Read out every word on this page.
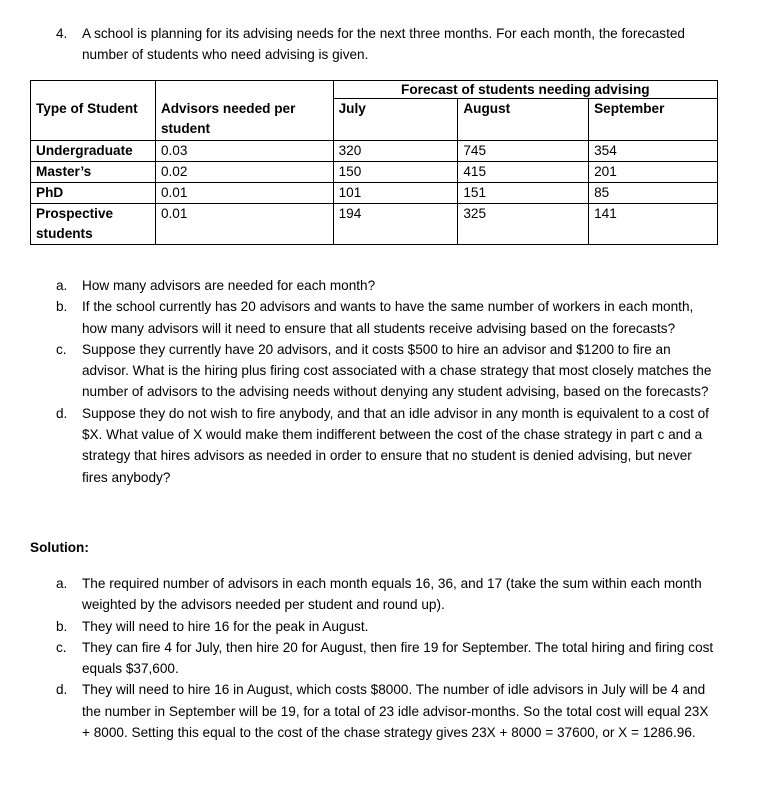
4. A school is planning for its advising needs for the next three months. For each month, the forecasted number of students who need advising is given.
		Forecast of students needing advising		
Type of Student	Advisors needed per student	July	August	September
Undergraduate	0.03	320	745	354
Master’s	0.02	150	415	201
PhD	0.01	101	151	85
Prospective students	0.01	194	325	141
a. How many advisors are needed for each month?
b. If the school currently has 20 advisors and wants to have the same number of workers in each month, how many advisors will it need to ensure that all students receive advising based on the forecasts?
c. Suppose they currently have 20 advisors, and it costs $500 to hire an advisor and $1200 to fire an advisor. What is the hiring plus firing cost associated with a chase strategy that most closely matches the number of advisors to the advising needs without denying any student advising, based on the forecasts?
d. Suppose they do not wish to fire anybody, and that an idle advisor in any month is equivalent to a cost of $X. What value of X would make them indifferent between the cost of the chase strategy in part c and a strategy that hires advisors as needed in order to ensure that no student is denied advising, but never fires anybody?
Solution:
a. The required number of advisors in each month equals 16, 36, and 17 (take the sum within each month weighted by the advisors needed per student and round up).
b. They will need to hire 16 for the peak in August.
c. They can fire 4 for July, then hire 20 for August, then fire 19 for September. The total hiring and firing cost equals $37,600.
d. They will need to hire 16 in August, which costs $8000. The number of idle advisors in July will be 4 and the number in September will be 19, for a total of 23 idle advisor-months. So the total cost will equal 23X + 8000. Setting this equal to the cost of the chase strategy gives 23X + 8000 = 37600, or X = 1286.96.
